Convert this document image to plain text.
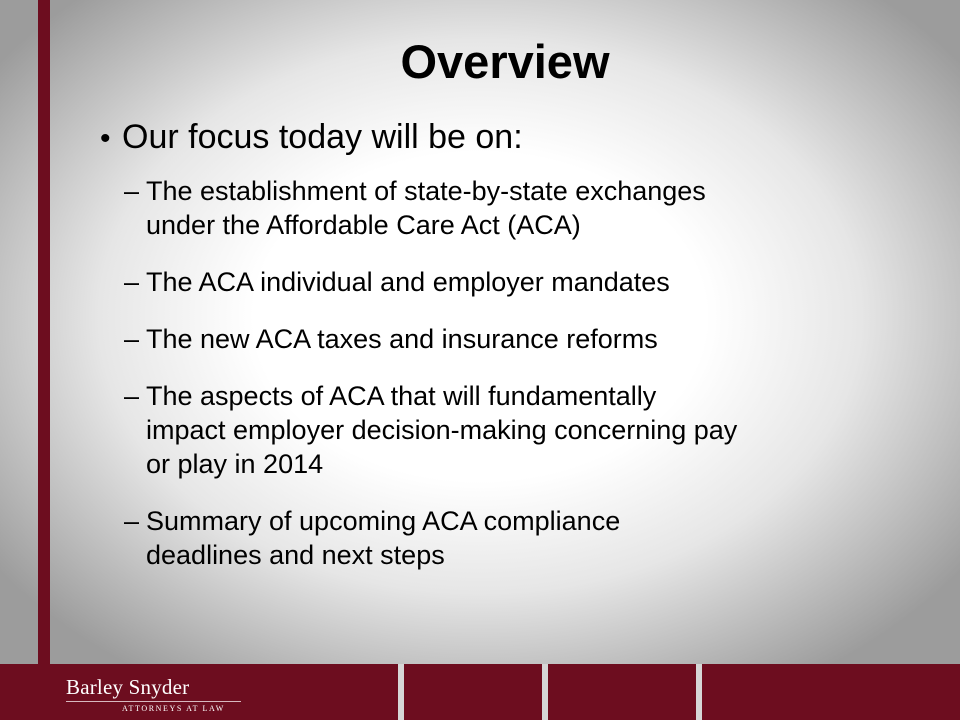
Overview
• Our focus today will be on:
– The establishment of state-by-state exchanges
under the Affordable Care Act (ACA)
– The ACA individual and employer mandates
– The new ACA taxes and insurance reforms
– The aspects of ACA that will fundamentally
impact employer decision-making concerning pay
or play in 2014
– Summary of upcoming ACA compliance
deadlines and next steps
Barley Snyder
ATTORNEYS AT LAW
